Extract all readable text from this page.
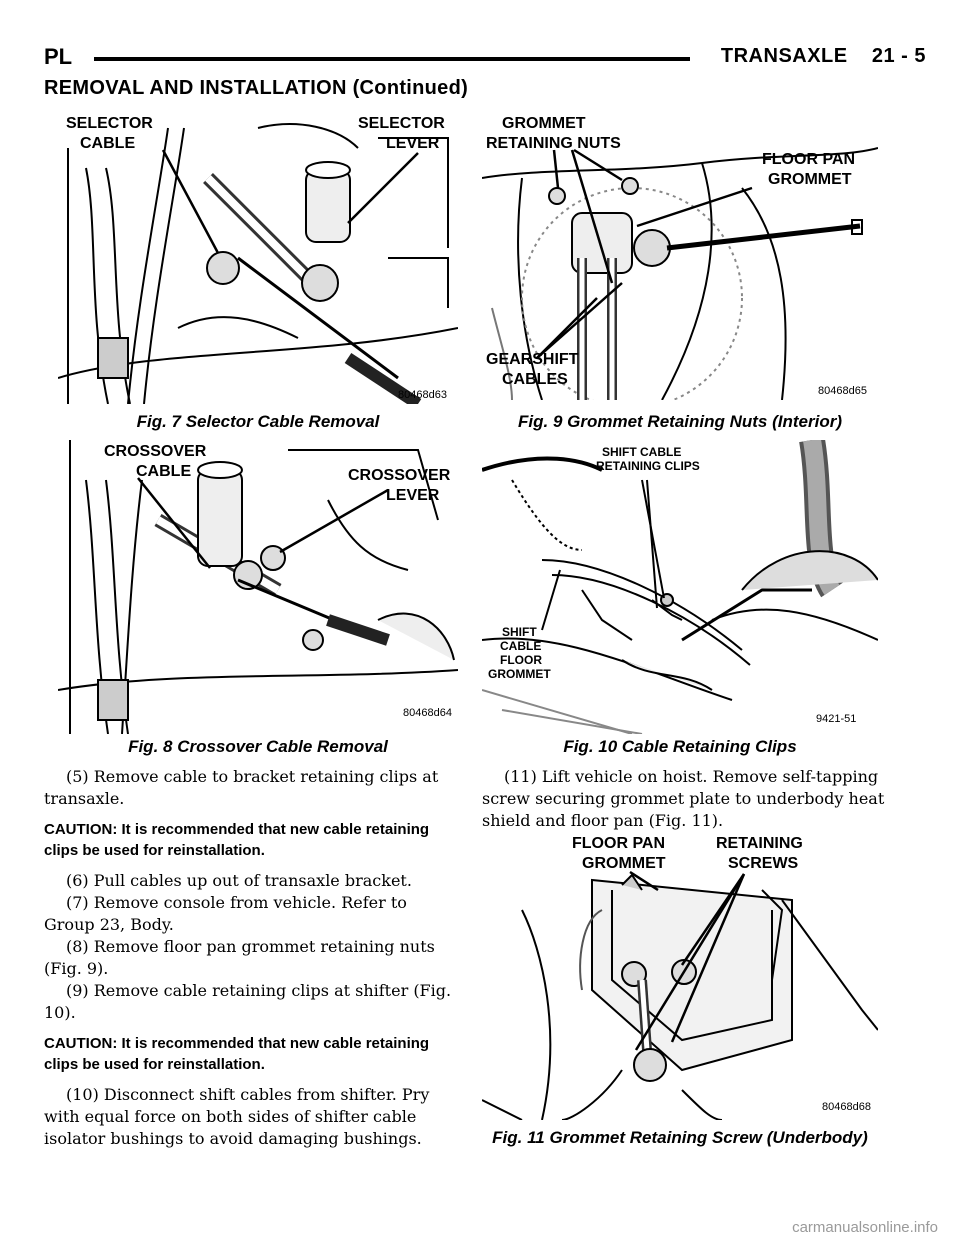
PL	TRANSAXLE    21 - 5
REMOVAL AND INSTALLATION (Continued)
SELECTOR
CABLE
SELECTOR
LEVER
80468d63
Fig. 7 Selector Cable Removal
GROMMET
RETAINING NUTS
FLOOR PAN
GROMMET
GEARSHIFT
CABLES
80468d65
Fig. 9 Grommet Retaining Nuts (Interior)
CROSSOVER
CABLE	CROSSOVER
LEVER
80468d64
Fig. 8 Crossover Cable Removal
SHIFT CABLE
RETAINING CLIPS
SHIFT
CABLE
FLOOR
GROMMET
9421-51
Fig. 10 Cable Retaining Clips

(5) Remove cable to bracket retaining clips at transaxle.

CAUTION: It is recommended that new cable retaining clips be used for reinstallation.

(6) Pull cables up out of transaxle bracket.

(7) Remove console from vehicle. Refer to Group 23, Body.

(8) Remove floor pan grommet retaining nuts (Fig. 9).

(9) Remove cable retaining clips at shifter (Fig. 10).

CAUTION: It is recommended that new cable retaining clips be used for reinstallation.

(10) Disconnect shift cables from shifter. Pry with equal force on both sides of shifter cable isolator bushings to avoid damaging bushings.

(11) Lift vehicle on hoist. Remove self-tapping screw securing grommet plate to underbody heat shield and floor pan (Fig. 11).

FLOOR PAN
GROMMET
RETAINING
SCREWS
80468d68
Fig. 11 Grommet Retaining Screw (Underbody)
carmanualsonline.info
